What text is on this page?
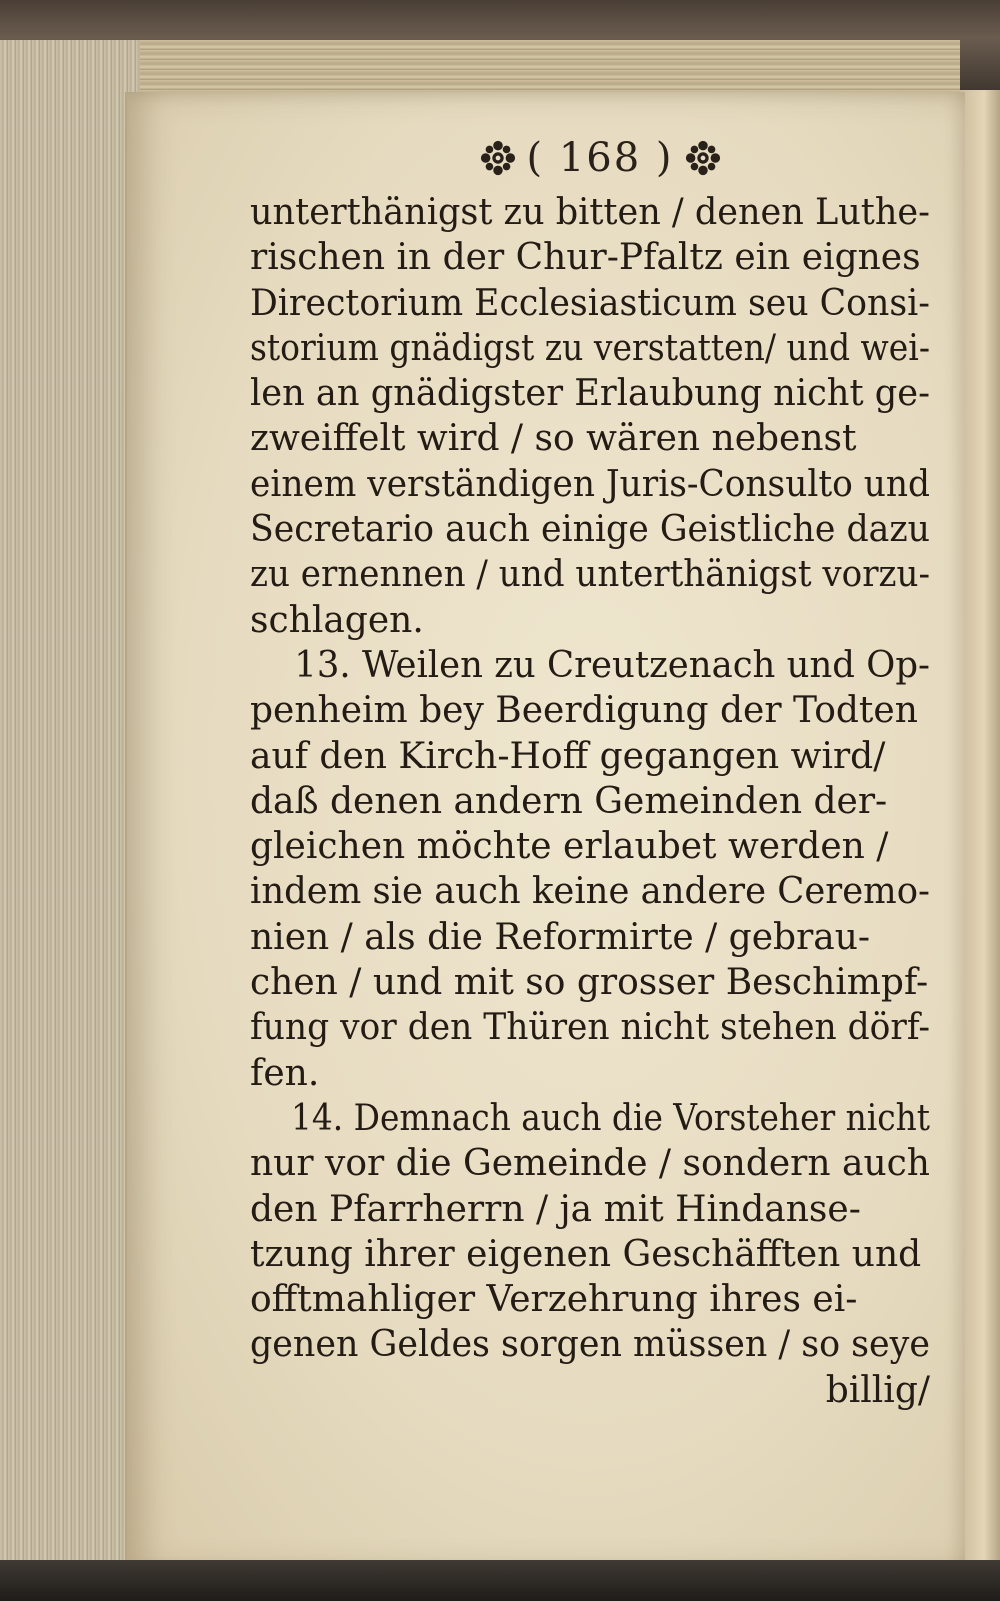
( 168 )
unterthänigst zu bitten / denen Luthe-
rischen in der Chur-Pfaltz ein eignes
Directorium Ecclesiasticum seu Consi-
storium gnädigst zu verstatten/ und wei-
len an gnädigster Erlaubung nicht ge-
zweiffelt wird / so wären nebenst
einem verständigen Juris-Consulto und
Secretario auch einige Geistliche dazu
zu ernennen / und unterthänigst vorzu-
schlagen.
13. Weilen zu Creutzenach und Op-
penheim bey Beerdigung der Todten
auf den Kirch-Hoff gegangen wird/
daß denen andern Gemeinden der-
gleichen möchte erlaubet werden /
indem sie auch keine andere Ceremo-
nien / als die Reformirte / gebrau-
chen / und mit so grosser Beschimpf-
fung vor den Thüren nicht stehen dörf-
fen.
14. Demnach auch die Vorsteher nicht
nur vor die Gemeinde / sondern auch
den Pfarrherrn / ja mit Hindanse-
tzung ihrer eigenen Geschäfften und
offtmahliger Verzehrung ihres ei-
genen Geldes sorgen müssen / so seye
billig/
